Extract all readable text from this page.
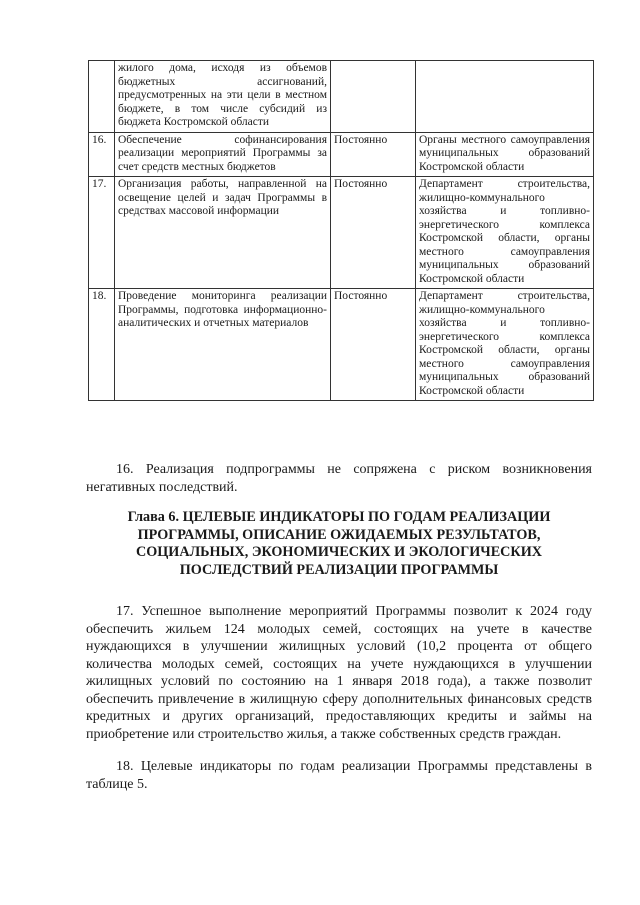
	жилого дома, исходя из объемов бюджетных ассигнований, предусмотренных на эти цели в местном бюджете, в том числе субсидий из бюджета Костромской области		
16.	Обеспечение софинансирования реализации мероприятий Программы за счет средств местных бюджетов	Постоянно	Органы местного самоуправления муниципальных образований Костромской области
17.	Организация работы, направленной на освещение целей и задач Программы в средствах массовой информации	Постоянно	Департамент строительства, жилищно-коммунального хозяйства и топливно-энергетического комплекса Костромской области, органы местного самоуправления муниципальных образований Костромской области
18.	Проведение мониторинга реализации Программы, подготовка информационно-аналитических и отчетных материалов	Постоянно	Департамент строительства, жилищно-коммунального хозяйства и топливно-энергетического комплекса Костромской области, органы местного самоуправления муниципальных образований Костромской области

16. Реализация подпрограммы не сопряжена с риском возникновения негативных последствий.

Глава 6. ЦЕЛЕВЫЕ ИНДИКАТОРЫ ПО ГОДАМ РЕАЛИЗАЦИИ
ПРОГРАММЫ, ОПИСАНИЕ ОЖИДАЕМЫХ РЕЗУЛЬТАТОВ,
СОЦИАЛЬНЫХ, ЭКОНОМИЧЕСКИХ И ЭКОЛОГИЧЕСКИХ
ПОСЛЕДСТВИЙ РЕАЛИЗАЦИИ ПРОГРАММЫ

17. Успешное выполнение мероприятий Программы позволит к 2024 году обеспечить жильем 124 молодых семей, состоящих на учете в качестве нуждающихся в улучшении жилищных условий (10,2 процента от общего количества молодых семей, состоящих на учете нуждающихся в улучшении жилищных условий по состоянию на 1 января 2018 года), а также позволит обеспечить привлечение в жилищную сферу дополнительных финансовых средств кредитных и других организаций, предоставляющих кредиты и займы на приобретение или строительство жилья, а также собственных средств граждан.

18. Целевые индикаторы по годам реализации Программы представлены в таблице 5.
